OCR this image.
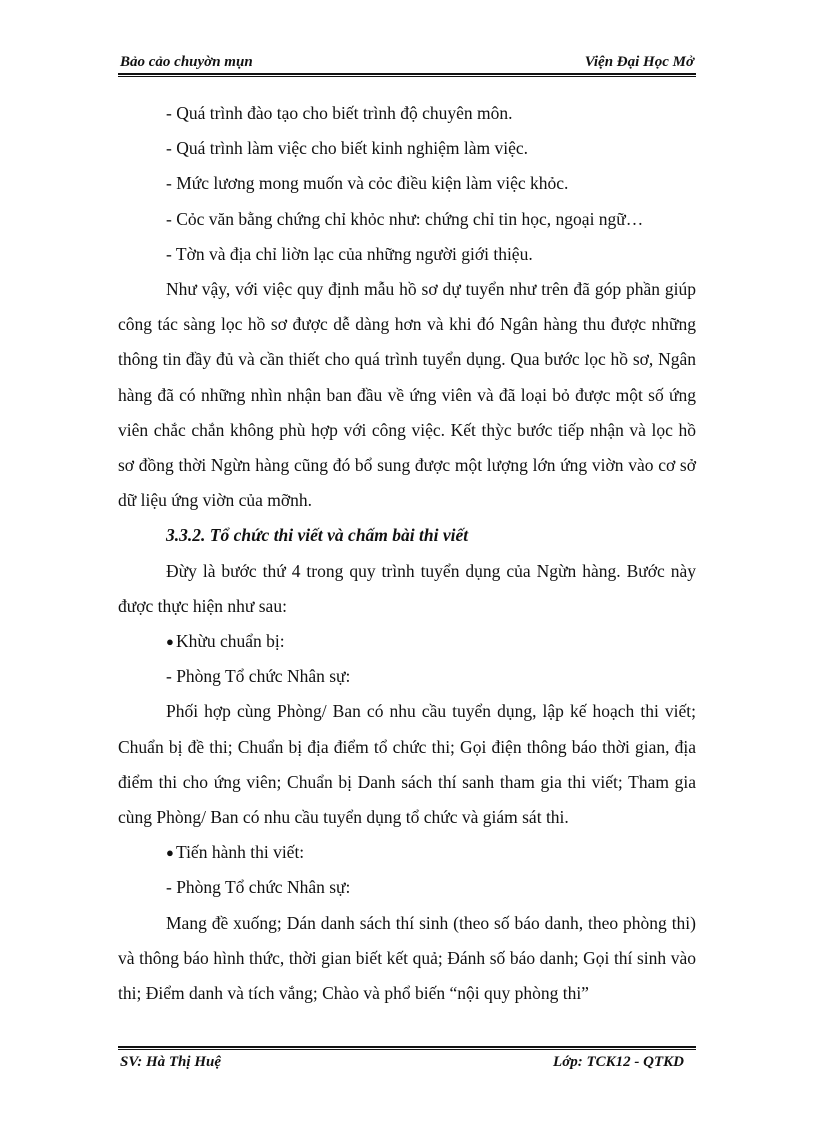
Bảo cảo chuyờn mụn	Viện Đại Học Mở

- Quá trình đào tạo cho biết trình độ chuyên môn.

- Quá trình làm việc cho biết kinh nghiệm làm việc.

- Mức lương mong muốn và cỏc điều kiện làm việc khỏc.

- Cỏc văn bằng chứng chỉ khỏc như: chứng chỉ tin học, ngoại ngữ…

- Tờn và địa chỉ liờn lạc của những người giới thiệu.

Như vậy, với việc quy định mẫu hồ sơ dự tuyển như trên đã góp phần giúp công tác sàng lọc hồ sơ được dễ dàng hơn và khi đó Ngân hàng thu được những thông tin đầy đủ và cần thiết cho quá trình tuyển dụng. Qua bước lọc hồ sơ, Ngân hàng đã có những nhìn nhận ban đầu về ứng viên và đã loại bỏ được một số ứng viên chắc chắn không phù hợp với công việc. Kết thỳc bước tiếp nhận và lọc hồ sơ đồng thời Ngừn hàng cũng đó bổ sung được một lượng lớn ứng viờn vào cơ sở dữ liệu ứng viờn của mỡnh.

3.3.2. Tổ chức thi viết và chấm bài thi viết

Đừy là bước thứ 4 trong quy trình tuyển dụng của Ngừn hàng. Bước này được thực hiện như sau:

● Khừu chuẩn bị:

- Phòng Tổ chức Nhân sự:

Phối hợp cùng Phòng/ Ban có nhu cầu tuyển dụng, lập kế hoạch thi viết; Chuẩn bị đề thi; Chuẩn bị địa điểm tổ chức thi; Gọi điện thông báo thời gian, địa điểm thi cho ứng viên; Chuẩn bị Danh sách thí sanh tham gia thi viết; Tham gia cùng Phòng/ Ban có nhu cầu tuyển dụng tổ chức và giám sát thi.

● Tiến hành thi viết:

- Phòng Tổ chức Nhân sự:

Mang đề xuống; Dán danh sách thí sinh (theo số báo danh, theo phòng thi) và thông báo hình thức, thời gian biết kết quả; Đánh số báo danh; Gọi thí sinh vào thi; Điểm danh và tích vắng; Chào và phổ biến “nội quy phòng thi”

SV: Hà Thị Huệ	Lớp: TCK12 - QTKD
